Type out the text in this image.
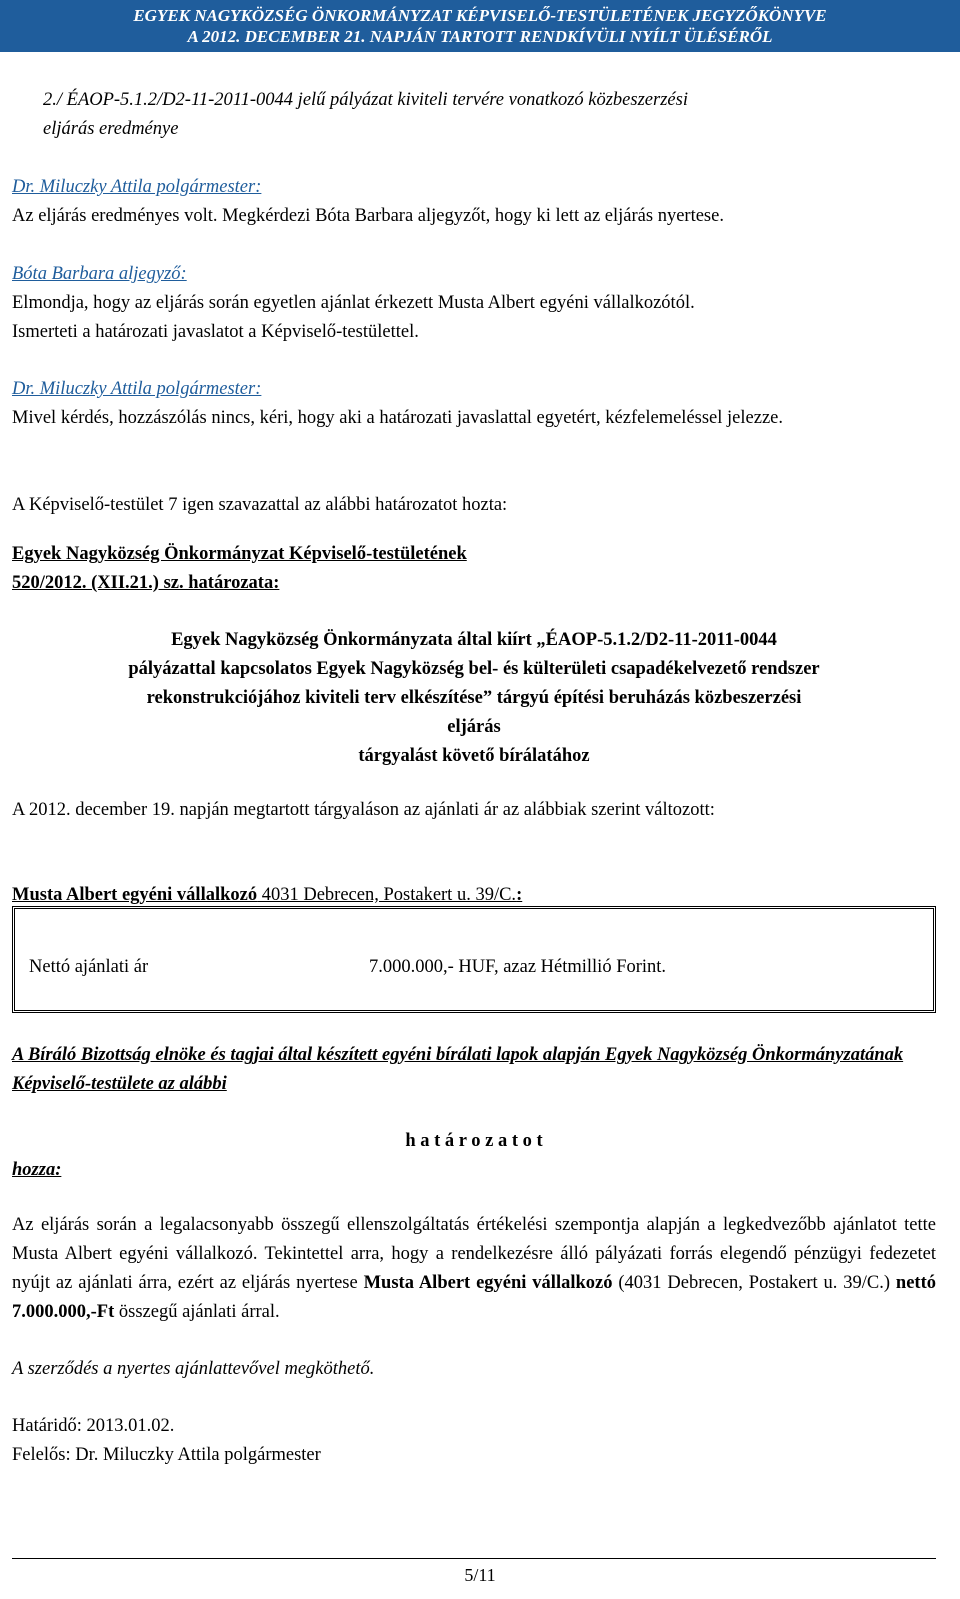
EGYEK NAGYKÖZSÉG ÖNKORMÁNYZAT KÉPVISELŐ-TESTÜLETÉNEK JEGYZŐKÖNYVE
A 2012. DECEMBER 21. NAPJÁN TARTOTT RENDKÍVÜLI NYÍLT ÜLÉSÉRŐL
2./ ÉAOP-5.1.2/D2-11-2011-0044 jelű pályázat kiviteli tervére vonatkozó közbeszerzési
eljárás eredménye
Dr. Miluczky Attila polgármester:
Az eljárás eredményes volt. Megkérdezi Bóta Barbara aljegyzőt, hogy ki lett az eljárás nyertese.
Bóta Barbara aljegyző:
Elmondja, hogy az eljárás során egyetlen ajánlat érkezett Musta Albert egyéni vállalkozótól.
Ismerteti a határozati javaslatot a Képviselő-testülettel.
Dr. Miluczky Attila polgármester:
Mivel kérdés, hozzászólás nincs, kéri, hogy aki a határozati javaslattal egyetért, kézfelemeléssel jelezze.
A Képviselő-testület 7 igen szavazattal az alábbi határozatot hozta:
Egyek Nagyközség Önkormányzat Képviselő-testületének
520/2012. (XII.21.) sz. határozata:
Egyek Nagyközség Önkormányzata által kiírt „ÉAOP-5.1.2/D2-11-2011-0044
pályázattal kapcsolatos Egyek Nagyközség bel- és külterületi csapadékelvezető rendszer
rekonstrukciójához kiviteli terv elkészítése” tárgyú építési beruházás közbeszerzési
eljárás
tárgyalást követő bírálatához
A 2012. december 19. napján megtartott tárgyaláson az ajánlati ár az alábbiak szerint változott:
Musta Albert egyéni vállalkozó 4031 Debrecen, Postakert u. 39/C.:
Nettó ajánlati ár	7.000.000,- HUF, azaz Hétmillió Forint.
A Bíráló Bizottság elnöke és tagjai által készített egyéni bírálati lapok alapján Egyek Nagyközség Önkormányzatának Képviselő-testülete az alábbi
h a t á r o z a t o t
hozza:
Az eljárás során a legalacsonyabb összegű ellenszolgáltatás értékelési szempontja alapján a legkedvezőbb ajánlatot tette Musta Albert egyéni vállalkozó. Tekintettel arra, hogy a rendelkezésre álló pályázati forrás elegendő pénzügyi fedezetet nyújt az ajánlati árra, ezért az eljárás nyertese Musta Albert egyéni vállalkozó (4031 Debrecen, Postakert u. 39/C.) nettó 7.000.000,-Ft összegű ajánlati árral.
A szerződés a nyertes ajánlattevővel megköthető.
Határidő: 2013.01.02.
Felelős: Dr. Miluczky Attila polgármester
5/11
